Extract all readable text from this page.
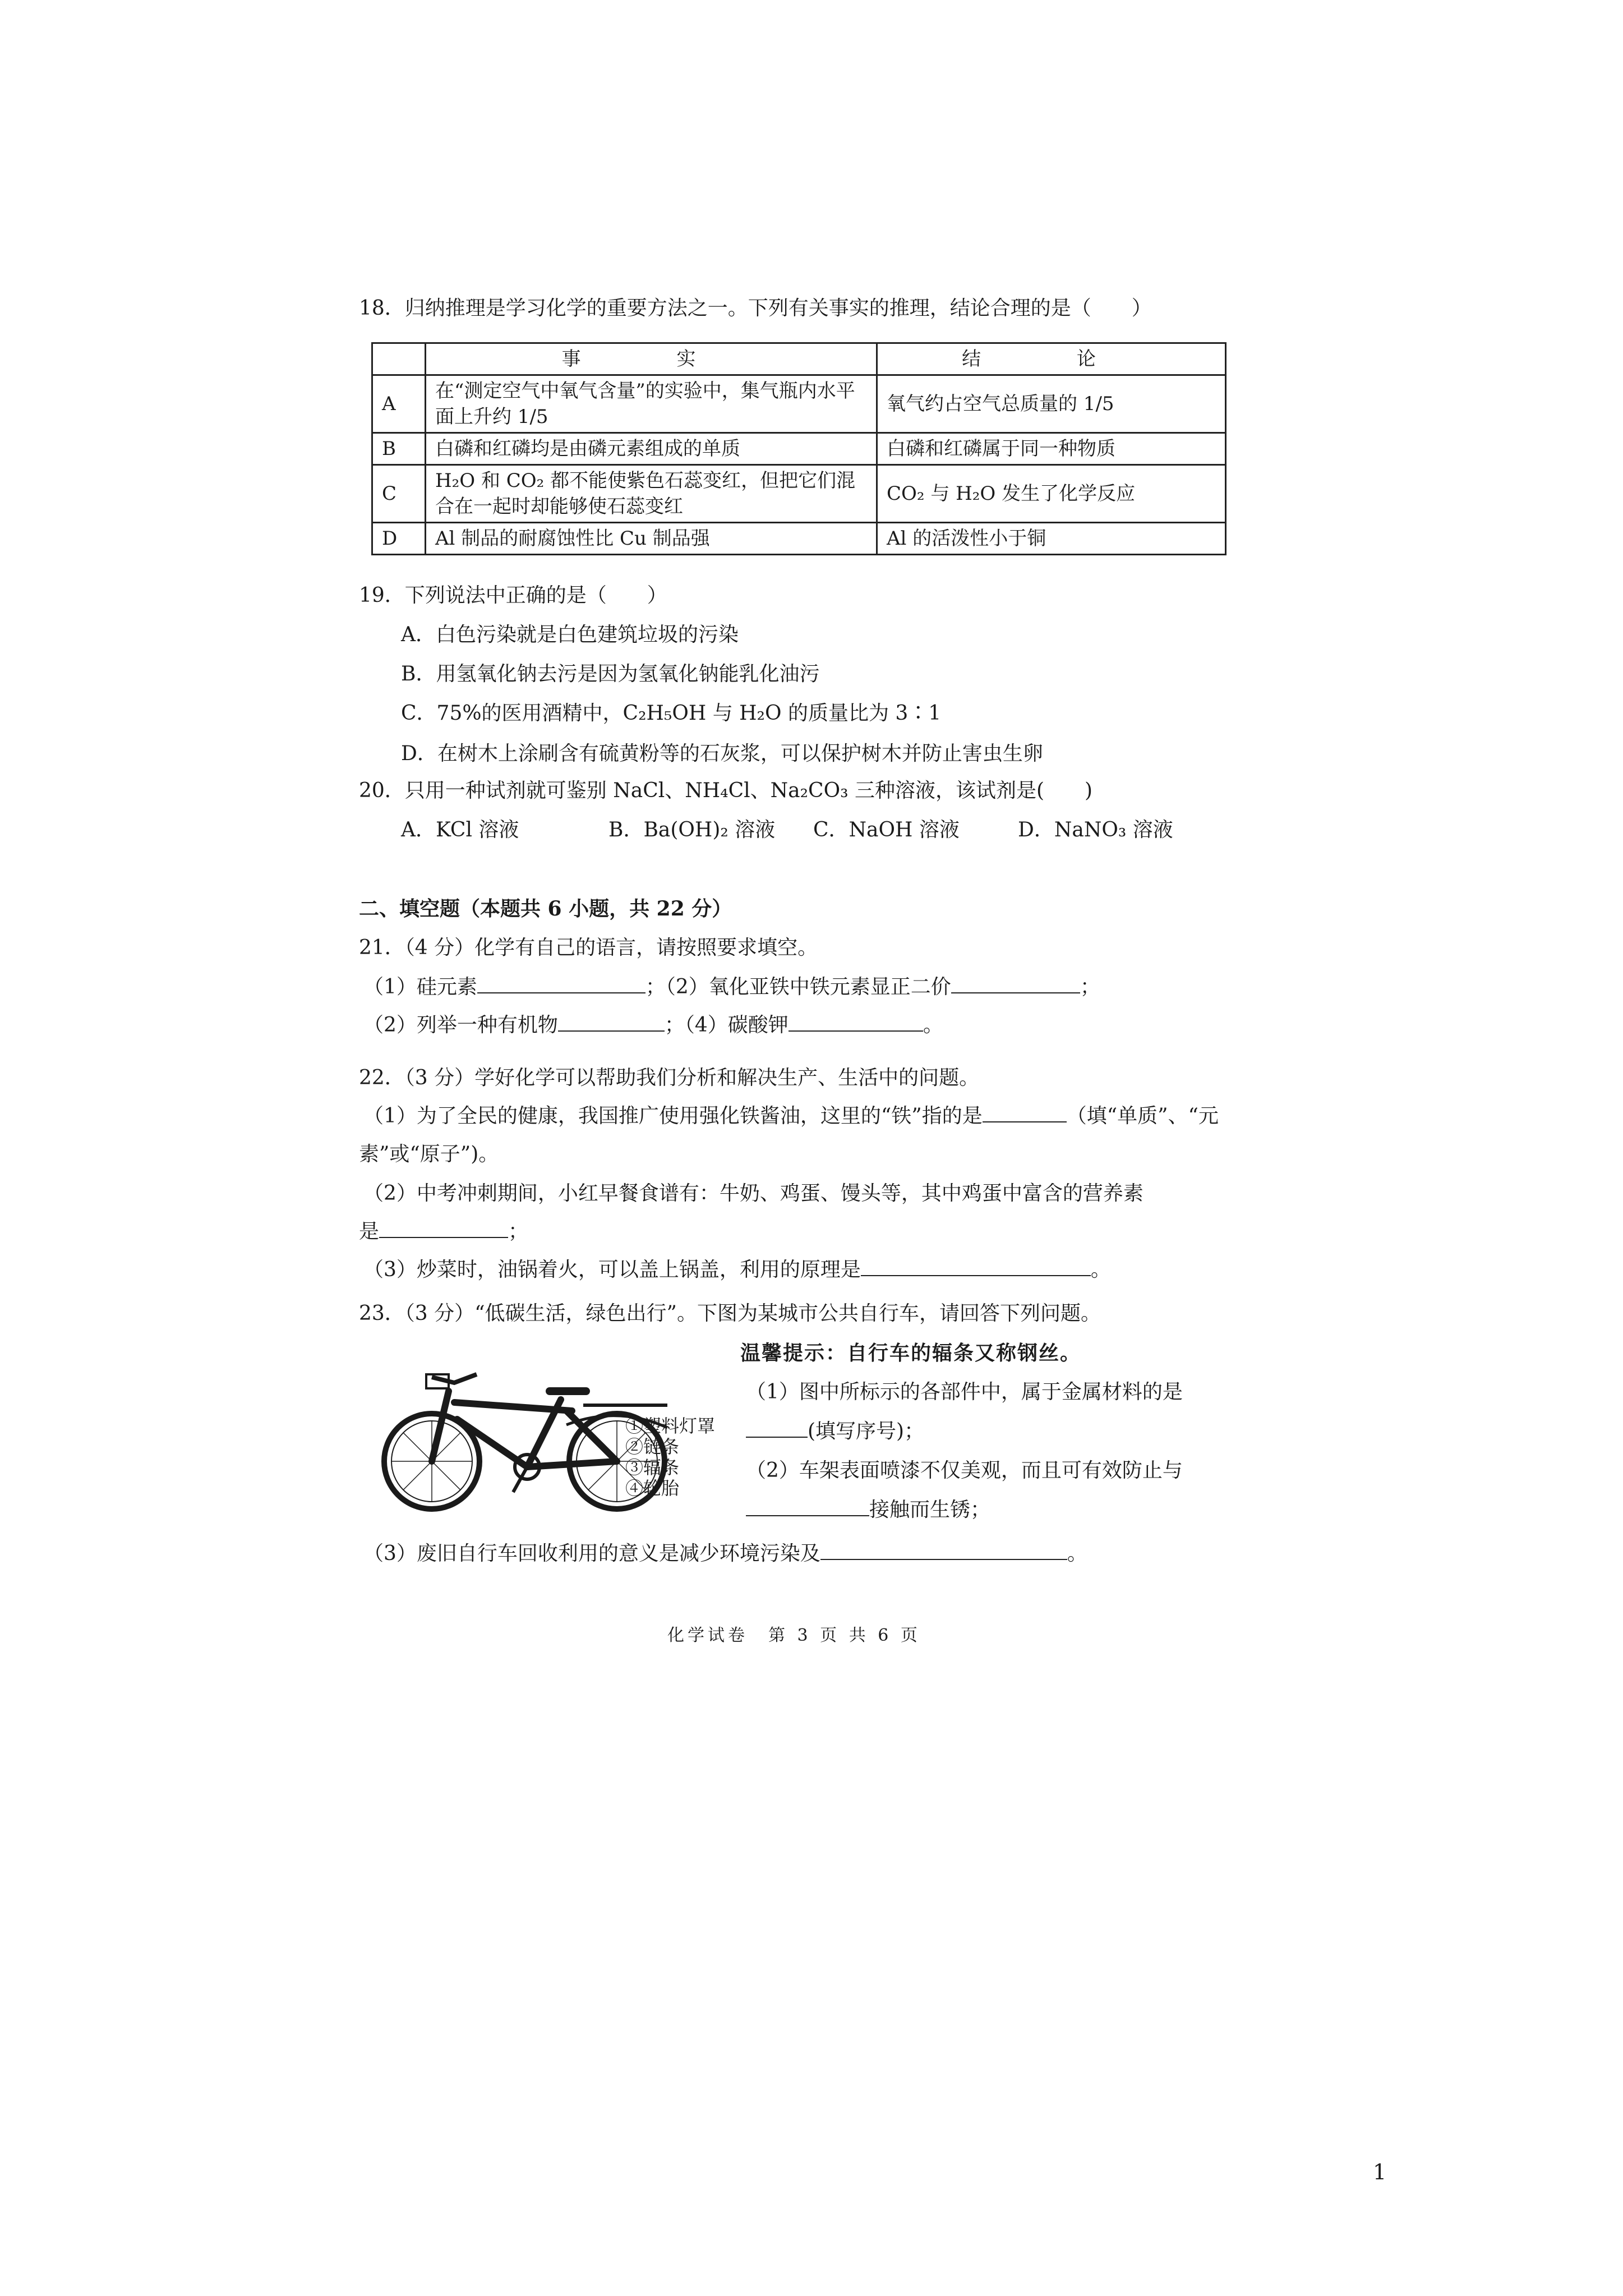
18．归纳推理是学习化学的重要方法之一。下列有关事实的推理，结论合理的是（　　）
	事 实	结 论
A	在“测定空气中氧气含量”的实验中，集气瓶内水平面上升约 1/5	氧气约占空气总质量的 1/5
B	白磷和红磷均是由磷元素组成的单质	白磷和红磷属于同一种物质
C	H₂O 和 CO₂ 都不能使紫色石蕊变红，但把它们混合在一起时却能够使石蕊变红	CO₂ 与 H₂O 发生了化学反应
D	Al 制品的耐腐蚀性比 Cu 制品强	Al 的活泼性小于铜
19．下列说法中正确的是（　　）
A．白色污染就是白色建筑垃圾的污染
B．用氢氧化钠去污是因为氢氧化钠能乳化油污
C．75%的医用酒精中，C₂H₅OH 与 H₂O 的质量比为 3∶1
D．在树木上涂刷含有硫黄粉等的石灰浆，可以保护树木并防止害虫生卵
20．只用一种试剂就可鉴别 NaCl、NH₄Cl、Na₂CO₃ 三种溶液，该试剂是(　　)
A．KCl 溶液	B．Ba(OH)₂ 溶液 C．NaOH 溶液	D．NaNO₃ 溶液
二、填空题（本题共 6 小题，共 22 分）
21．（4 分）化学有自己的语言，请按照要求填空。
（1）硅元素	；（2）氧化亚铁中铁元素显正二价	；
（2）列举一种有机物	；（4）碳酸钾	。
22．（3 分）学好化学可以帮助我们分析和解决生产、生活中的问题。
（1）为了全民的健康，我国推广使用强化铁酱油，这里的“铁”指的是	（填“单质”、“元
素”或“原子”)。
（2）中考冲刺期间，小红早餐食谱有：牛奶、鸡蛋、馒头等，其中鸡蛋中富含的营养素
是	；
（3）炒菜时，油锅着火，可以盖上锅盖，利用的原理是	。
23．（3 分）“低碳生活，绿色出行”。下图为某城市公共自行车，请回答下列问题。
温馨提示：自行车的辐条又称钢丝。
①塑料灯罩
②链条
③辐条
④轮胎
（1）图中所标示的各部件中，属于金属材料的是
(填写序号)；
（2）车架表面喷漆不仅美观，而且可有效防止与
接触而生锈；
（3）废旧自行车回收利用的意义是减少环境污染及	。
化学试卷　第 3 页 共 6 页
1
